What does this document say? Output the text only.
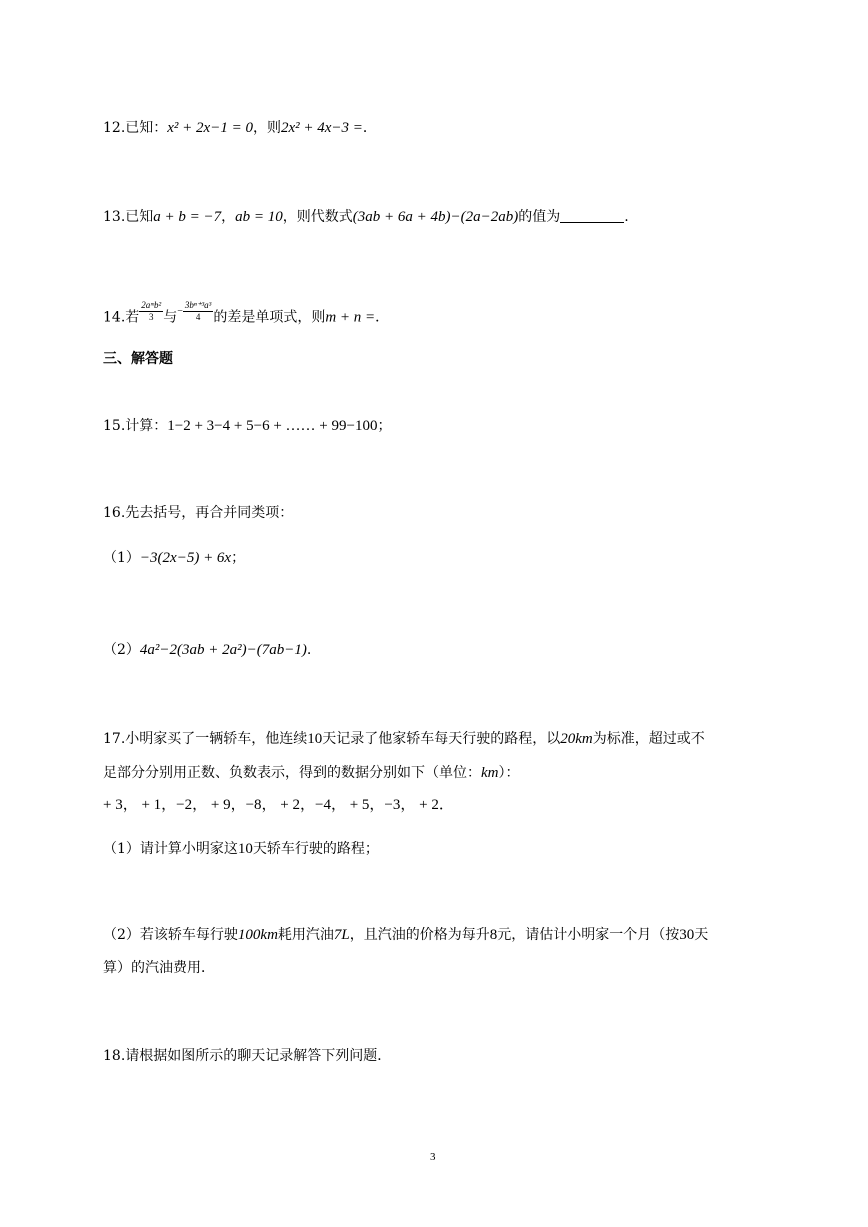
12.已知：x² + 2x−1 = 0，则2x² + 4x−3 =．
13.已知a + b = −7，ab = 10，则代数式(3ab + 6a + 4b)−(2a−2ab)的值为	.
14.若 $\frac{\text{2aᵐb²}}{3}$ 与$^- \frac{\text{3bⁿ⁺³a³}}{4}$ 的差是单项式，则m + n =．
三、解答题
15.计算：1−2 + 3−4 + 5−6 + …… + 99−100；
16.先去括号，再合并同类项：
（1）−3(2x−5) + 6x；
（2）4a²−2(3ab + 2a²)−(7ab−1).
17.小明家买了一辆轿车，他连续10天记录了他家轿车每天行驶的路程，以20km为标准，超过或不
足部分分别用正数、负数表示，得到的数据分别如下（单位：km）：
+ 3， + 1，−2， + 9，−8， + 2，−4， + 5，−3， + 2．
（1）请计算小明家这10天轿车行驶的路程；
（2）若该轿车每行驶100km耗用汽油7L，且汽油的价格为每升8元，请估计小明家一个月（按30天
算）的汽油费用．
18.请根据如图所示的聊天记录解答下列问题．
3
